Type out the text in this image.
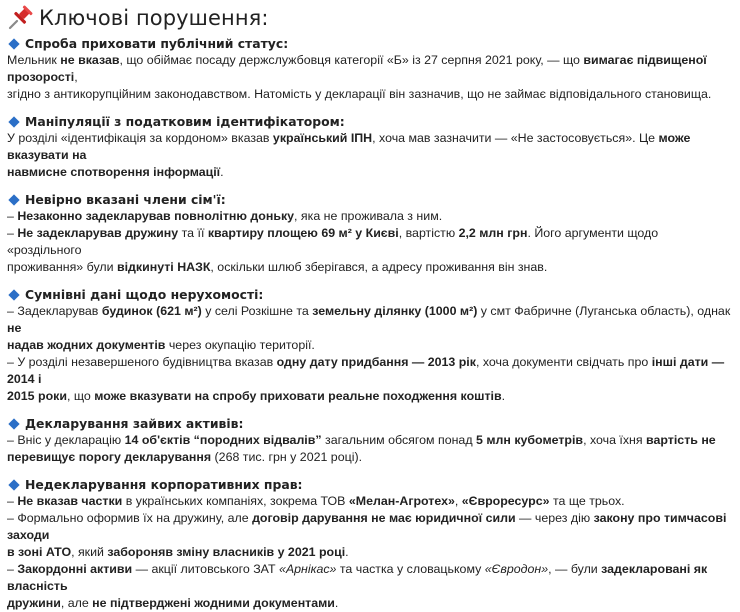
Ключові порушення:
Спроба приховати публічний статус:
Мельник не вказав, що обіймає посаду держслужбовця категорії «Б» із 27 серпня 2021 року, — що вимагає підвищеної прозорості,
згідно з антикорупційним законодавством. Натомість у декларації він зазначив, що не займає відповідального становища.
Маніпуляції з податковим ідентифікатором:
У розділі «ідентифікація за кордоном» вказав український ІПН, хоча мав зазначити — «Не застосовується». Це може вказувати на
навмисне спотворення інформації.
Невірно вказані члени сім'ї:
– Незаконно задекларував повнолітню доньку, яка не проживала з ним.
– Не задекларував дружину та її квартиру площею 69 м² у Києві, вартістю 2,2 млн грн. Його аргументи щодо «роздільного
проживання» були відкинуті НАЗК, оскільки шлюб зберігався, а адресу проживання він знав.
Сумнівні дані щодо нерухомості:
– Задекларував будинок (621 м²) у селі Розкішне та земельну ділянку (1000 м²) у смт Фабричне (Луганська область), однак не
надав жодних документів через окупацію території.
– У розділі незавершеного будівництва вказав одну дату придбання — 2013 рік, хоча документи свідчать про інші дати — 2014 і
2015 роки, що може вказувати на спробу приховати реальне походження коштів.
Декларування зайвих активів:
– Вніс у декларацію 14 об'єктів “породних відвалів” загальним обсягом понад 5 млн кубометрів, хоча їхня вартість не
перевищує порогу декларування (268 тис. грн у 2021 році).
Недекларування корпоративних прав:
– Не вказав частки в українських компаніях, зокрема ТОВ «Мелан-Агротех», «Євроресурс» та ще трьох.
– Формально оформив їх на дружину, але договір дарування не має юридичної сили — через дію закону про тимчасові заходи
в зоні АТО, який забороняв зміну власників у 2021 році.
– Закордонні активи — акції литовського ЗАТ «Арнікас» та частка у словацькому «Євродон», — були задекларовані як власність
дружини, але не підтверджені жодними документами.
